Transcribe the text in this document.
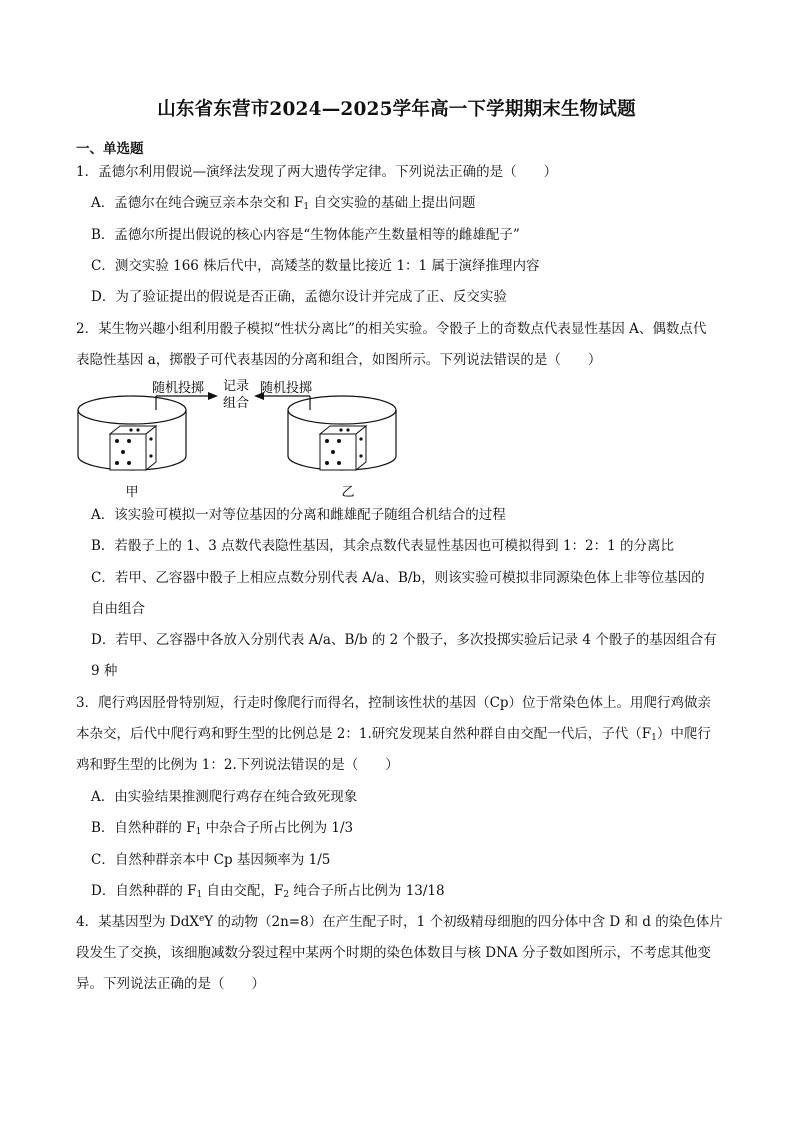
山东省东营市2024—2025学年高一下学期期末生物试题
一、单选题
1．孟德尔利用假说—演绎法发现了两大遗传学定律。下列说法正确的是（　　）
A．孟德尔在纯合豌豆亲本杂交和 $F_1$ 自交实验的基础上提出问题
B．孟德尔所提出假说的核心内容是“生物体能产生数量相等的雌雄配子”
C．测交实验 166 株后代中，高矮茎的数量比接近 1：1 属于演绎推理内容
D．为了验证提出的假说是否正确，孟德尔设计并完成了正、反交实验
2．某生物兴趣小组利用骰子模拟“性状分离比”的相关实验。令骰子上的奇数点代表显性基因 A、偶数点代
表隐性基因 a，掷骰子可代表基因的分离和组合，如图所示。下列说法错误的是（　　）
随机投掷	随机投掷
记录
组合
甲	乙
A．该实验可模拟一对等位基因的分离和雌雄配子随组合机结合的过程
B．若骰子上的 1、3 点数代表隐性基因，其余点数代表显性基因也可模拟得到 1：2：1 的分离比
C．若甲、乙容器中骰子上相应点数分别代表 A/a、B/b，则该实验可模拟非同源染色体上非等位基因的
自由组合
D．若甲、乙容器中各放入分别代表 A/a、B/b 的 2 个骰子，多次投掷实验后记录 4 个骰子的基因组合有
9 种
3．爬行鸡因胫骨特别短，行走时像爬行而得名，控制该性状的基因（Cp）位于常染色体上。用爬行鸡做亲
本杂交，后代中爬行鸡和野生型的比例总是 2：1.研究发现某自然种群自由交配一代后，子代$(F_1)$中爬行
鸡和野生型的比例为 1：2.下列说法错误的是（　　）
A．由实验结果推测爬行鸡存在纯合致死现象
B．自然种群的 $F_1$ 中杂合子所占比例为 1/3
C．自然种群亲本中 Cp 基因频率为 1/5
D．自然种群的 $F_1$ 自由交配，$F_2$ 纯合子所占比例为 13/18
4．某基因型为 DdX$^e$Y 的动物（2n=8）在产生配子时，1 个初级精母细胞的四分体中含 D 和 d 的染色体片
段发生了交换，该细胞减数分裂过程中某两个时期的染色体数目与核 DNA 分子数如图所示，不考虑其他变
异。下列说法正确的是（　　）
